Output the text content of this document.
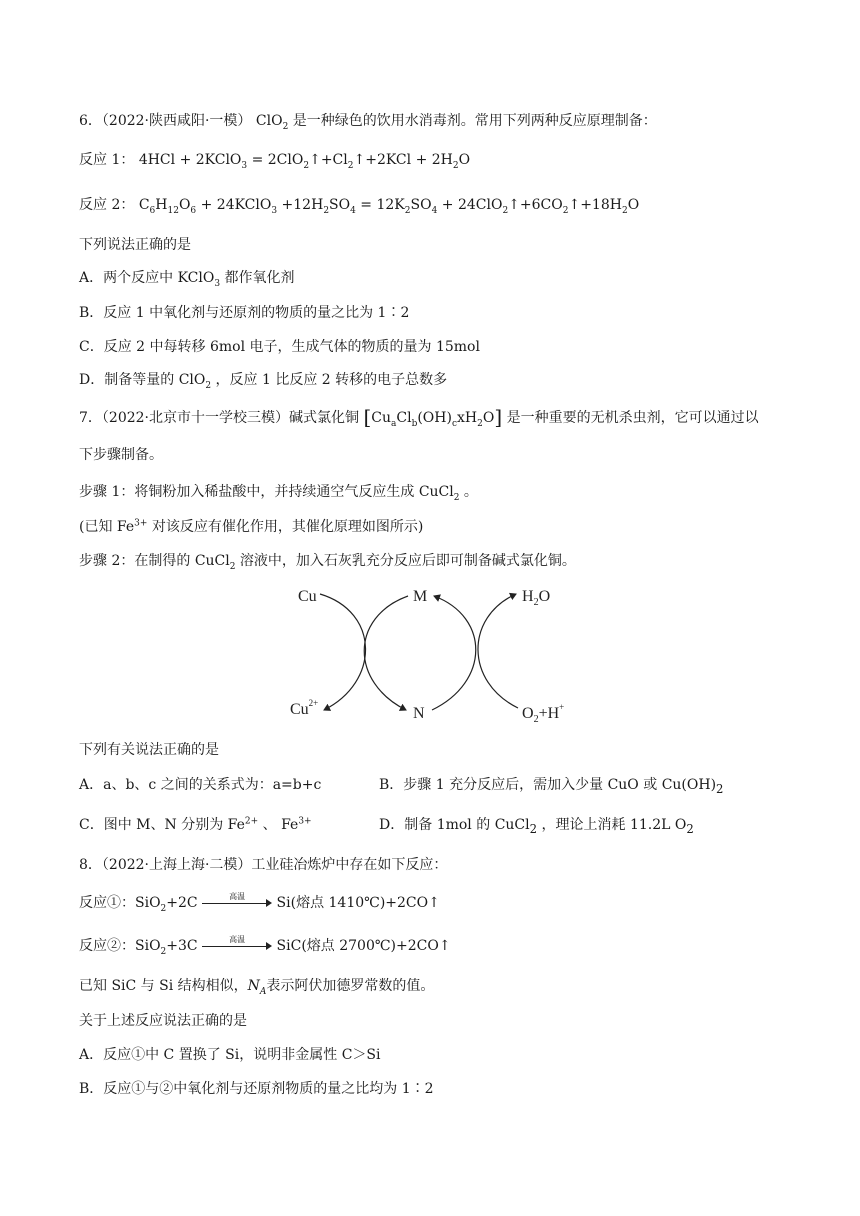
6．（2022·陕西咸阳·一模） ClO$_2$ 是一种绿色的饮用水消毒剂。常用下列两种反应原理制备：
反应 1： 4HCl + 2KClO$_3$ = $2ClO_2↑+Cl_2↑+2KCl + 2H_2O$
反应 2： $C_6H_{12}O_6$ + 24KClO$_3$ $+12H_2SO_4 = 12K_2SO_4$ + $24ClO_2↑+6CO_2↑+18H_2O$
下列说法正确的是
A．两个反应中 KClO$_3$ 都作氧化剂
B．反应 1 中氧化剂与还原剂的物质的量之比为 1∶2
C．反应 2 中每转移 6mol 电子，生成气体的物质的量为 15mol
D．制备等量的 ClO$_2$ ，反应 1 比反应 2 转移的电子总数多
7．（2022·北京市十一学校三模）碱式氯化铜 $[Cu_aCl_b(OH)_cxH_2O]$ 是一种重要的无机杀虫剂，它可以通过以
下步骤制备。
步骤 1：将铜粉加入稀盐酸中，并持续通空气反应生成 CuCl$_2$ 。
(已知 $Fe^{3+}$ 对该反应有催化作用，其催化原理如图所示)
步骤 2：在制得的 CuCl$_2$ 溶液中，加入石灰乳充分反应后即可制备碱式氯化铜。
Cu	M	$H_2O$
$Cu^{2+}$
N	$O_2+H^+$
下列有关说法正确的是
A．a、b、c 之间的关系式为：a=b+c	B．步骤 1 充分反应后，需加入少量 CuO 或 $Cu(OH)_2$
C．图中 M、N 分别为 $Fe^{2+}$ 、 $Fe^{3+}$	D．制备 1mol 的 CuCl$_2$ ，理论上消耗 11.2L $O_2$
8．（2022·上海上海·二模）工业硅冶炼炉中存在如下反应：
反应①：SiO$_2$+2C	高温	Si(熔点 1410℃)+2CO↑
反应②：SiO$_2$+3C	高温	SiC(熔点 2700℃)+2CO↑
已知 SiC 与 Si 结构相似，$N_A$表示阿伏加德罗常数的值。
关于上述反应说法正确的是
A．反应①中 C 置换了 Si，说明非金属性 C＞Si
B．反应①与②中氧化剂与还原剂物质的量之比均为 1∶2
